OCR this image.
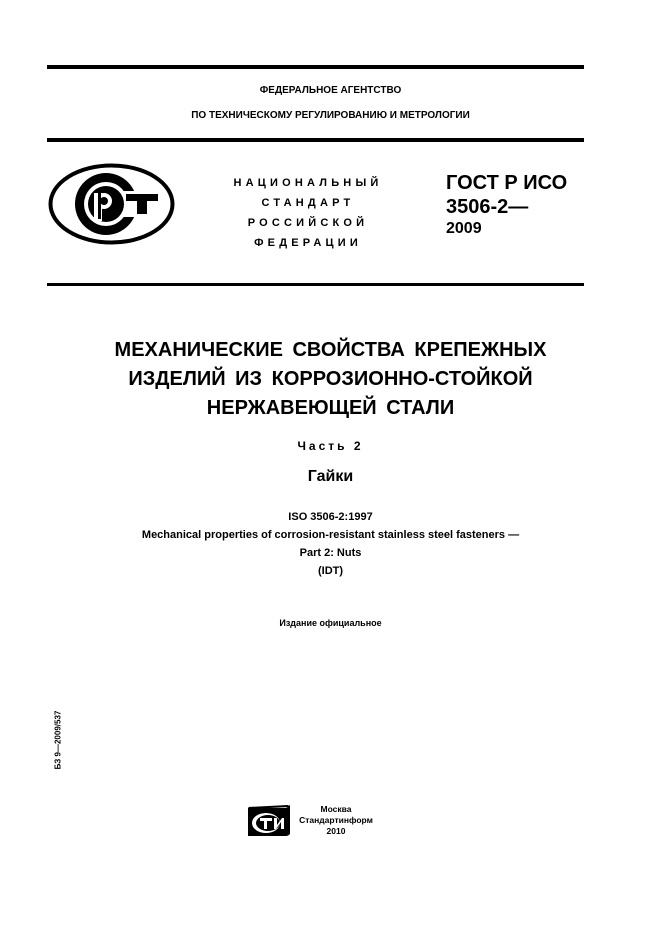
ФЕДЕРАЛЬНОЕ АГЕНТСТВО
ПО ТЕХНИЧЕСКОМУ РЕГУЛИРОВАНИЮ И МЕТРОЛОГИИ
НАЦИОНАЛЬНЫЙ
СТАНДАРТ
РОССИЙСКОЙ
ФЕДЕРАЦИИ
ГОСТ Р ИСО
3506-2—
2009
МЕХАНИЧЕСКИЕ СВОЙСТВА КРЕПЕЖНЫХ
ИЗДЕЛИЙ ИЗ КОРРОЗИОННО-СТОЙКОЙ
НЕРЖАВЕЮЩЕЙ СТАЛИ
Часть 2
Гайки
ISO 3506-2:1997
Mechanical properties of corrosion-resistant stainless steel fasteners —
Part 2: Nuts
(IDT)
Издание официальное
БЗ 9—2009/537
Москва
Стандартинформ
2010
